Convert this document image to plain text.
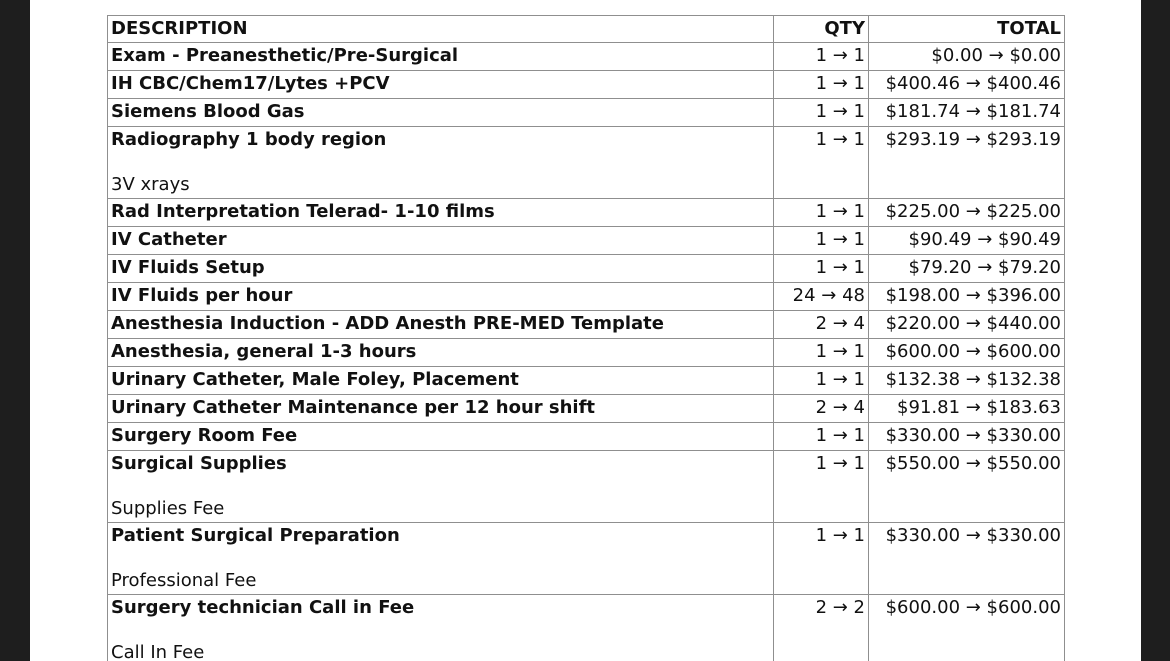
DESCRIPTION	QTY	TOTAL

Exam - Preanesthetic/Pre-Surgical	1 → 1	$0.00 → $0.00

IH CBC/Chem17/Lytes +PCV	1 → 1	$400.46 → $400.46

Siemens Blood Gas	1 → 1	$181.74 → $181.74

Radiography 1 body region
3V xrays	1 → 1	$293.19 → $293.19

Rad Interpretation Telerad- 1-10 films	1 → 1	$225.00 → $225.00

IV Catheter	1 → 1	$90.49 → $90.49

IV Fluids Setup	1 → 1	$79.20 → $79.20

IV Fluids per hour	24 → 48	$198.00 → $396.00

Anesthesia Induction - ADD Anesth PRE-MED Template	2 → 4	$220.00 → $440.00

Anesthesia, general 1-3 hours	1 → 1	$600.00 → $600.00

Urinary Catheter, Male Foley, Placement	1 → 1	$132.38 → $132.38

Urinary Catheter Maintenance per 12 hour shift	2 → 4	$91.81 → $183.63

Surgery Room Fee	1 → 1	$330.00 → $330.00

Surgical Supplies
Supplies Fee	1 → 1	$550.00 → $550.00

Patient Surgical Preparation
Professional Fee	1 → 1	$330.00 → $330.00

Surgery technician Call in Fee
Call In Fee	2 → 2	$600.00 → $600.00
